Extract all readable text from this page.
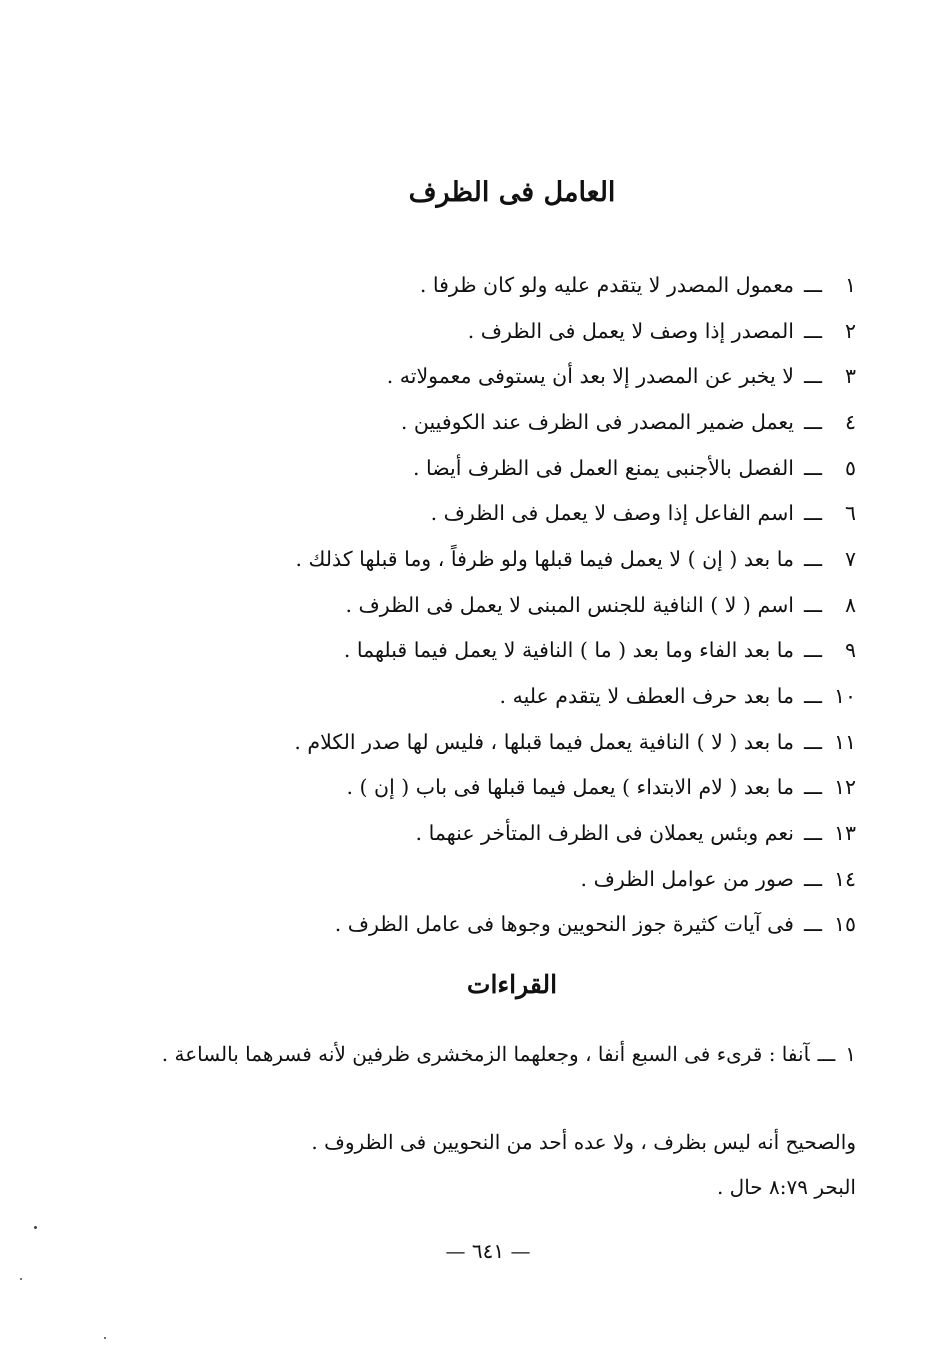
العامل فى الظرف
١
ـــ
معمول المصدر لا يتقدم عليه ولو كان ظرفا .
٢
ـــ
المصدر إذا وصف لا يعمل فى الظرف .
٣
ـــ
لا يخبر عن المصدر إلا بعد أن يستوفى معمولاته .
٤
ـــ
يعمل ضمير المصدر فى الظرف عند الكوفيين .
٥
ـــ
الفصل بالأجنبى يمنع العمل فى الظرف أيضا .
٦
ـــ
اسم الفاعل إذا وصف لا يعمل فى الظرف .
٧
ـــ
ما بعد ( إن ) لا يعمل فيما قبلها ولو ظرفاً ، وما قبلها كذلك .
٨
ـــ
اسم ( لا ) النافية للجنس المبنى لا يعمل فى الظرف .
٩
ـــ
ما بعد الفاء وما بعد ( ما ) النافية لا يعمل فيما قبلهما .
١٠
ـــ
ما بعد حرف العطف لا يتقدم عليه .
١١
ـــ
ما بعد ( لا ) النافية يعمل فيما قبلها ، فليس لها صدر الكلام .
١٢
ـــ
ما بعد ( لام الابتداء ) يعمل فيما قبلها فى باب ( إن ) .
١٣
ـــ
نعم وبئس يعملان فى الظرف المتأخر عنهما .
١٤
ـــ
صور من عوامل الظرف .
١٥
ـــ
فى آيات كثيرة جوز النحويين وجوها فى عامل الظرف .
القراءات
١ـــآنفا : قرىء فى السبع أنفا ، وجعلهما الزمخشرى ظرفين لأنه فسرهما بالساعة .
والصحيح أنه ليس بظرف ، ولا عده أحد من النحويين فى الظروف .
البحر ٨:٧٩ حال .
— ٦٤١ —
